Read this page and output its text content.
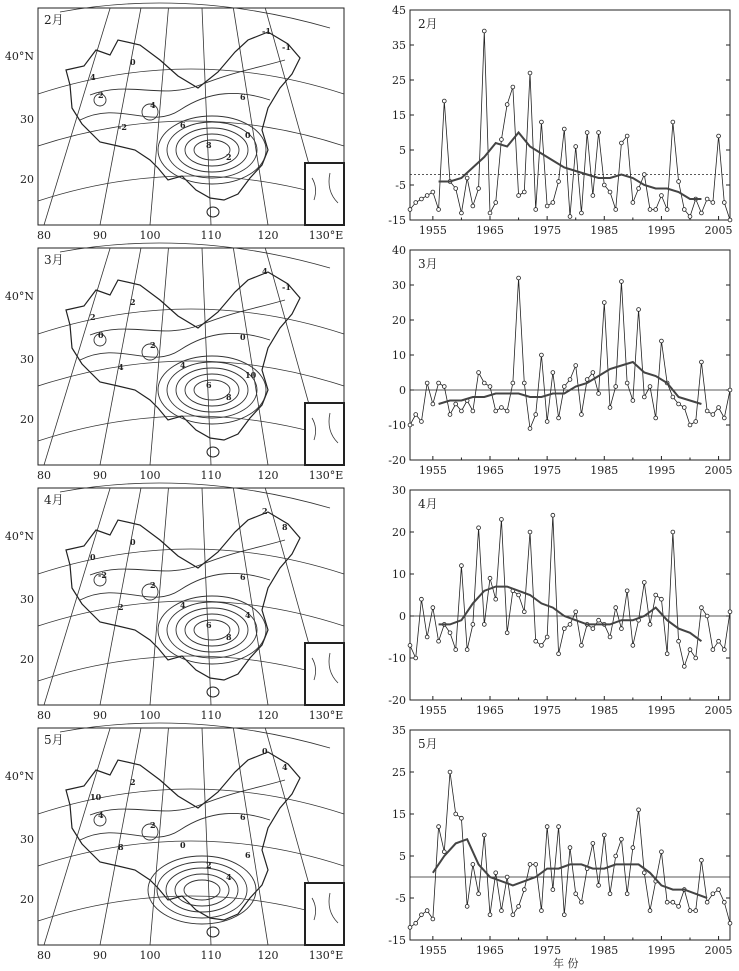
80	90	100	110	120	130°E
40°N
30
20
-1
0
2
4
6
8
2
0
-2
4
6
-1
2月
80	90	100	110	120	130°E
40°N
30
20
4
2
0
2
4
6
8
10
4
2
0
-1
3月
80	90	100	110	120	130°E
40°N
30
20
2
0
-2
2
4
6
8
4
2
0
6
8
4月
80	90	100	110	120	130°E
40°N
30
20
0
2
4
2
0
2
4
6
8
10
6
4
5月
-15
-5
5
15
25
35
45
1955	1965	1975	1985	1995	2005
2月
-20
-10
0
10
20
30
40
1955	1965	1975	1985	1995	2005
3月
-20
-10
0
10
20
30
1955	1965	1975	1985	1995	2005
4月
-15
-5
5
15
25
35
1955	1965	1975	1985	1995	2005
5月
年 份
